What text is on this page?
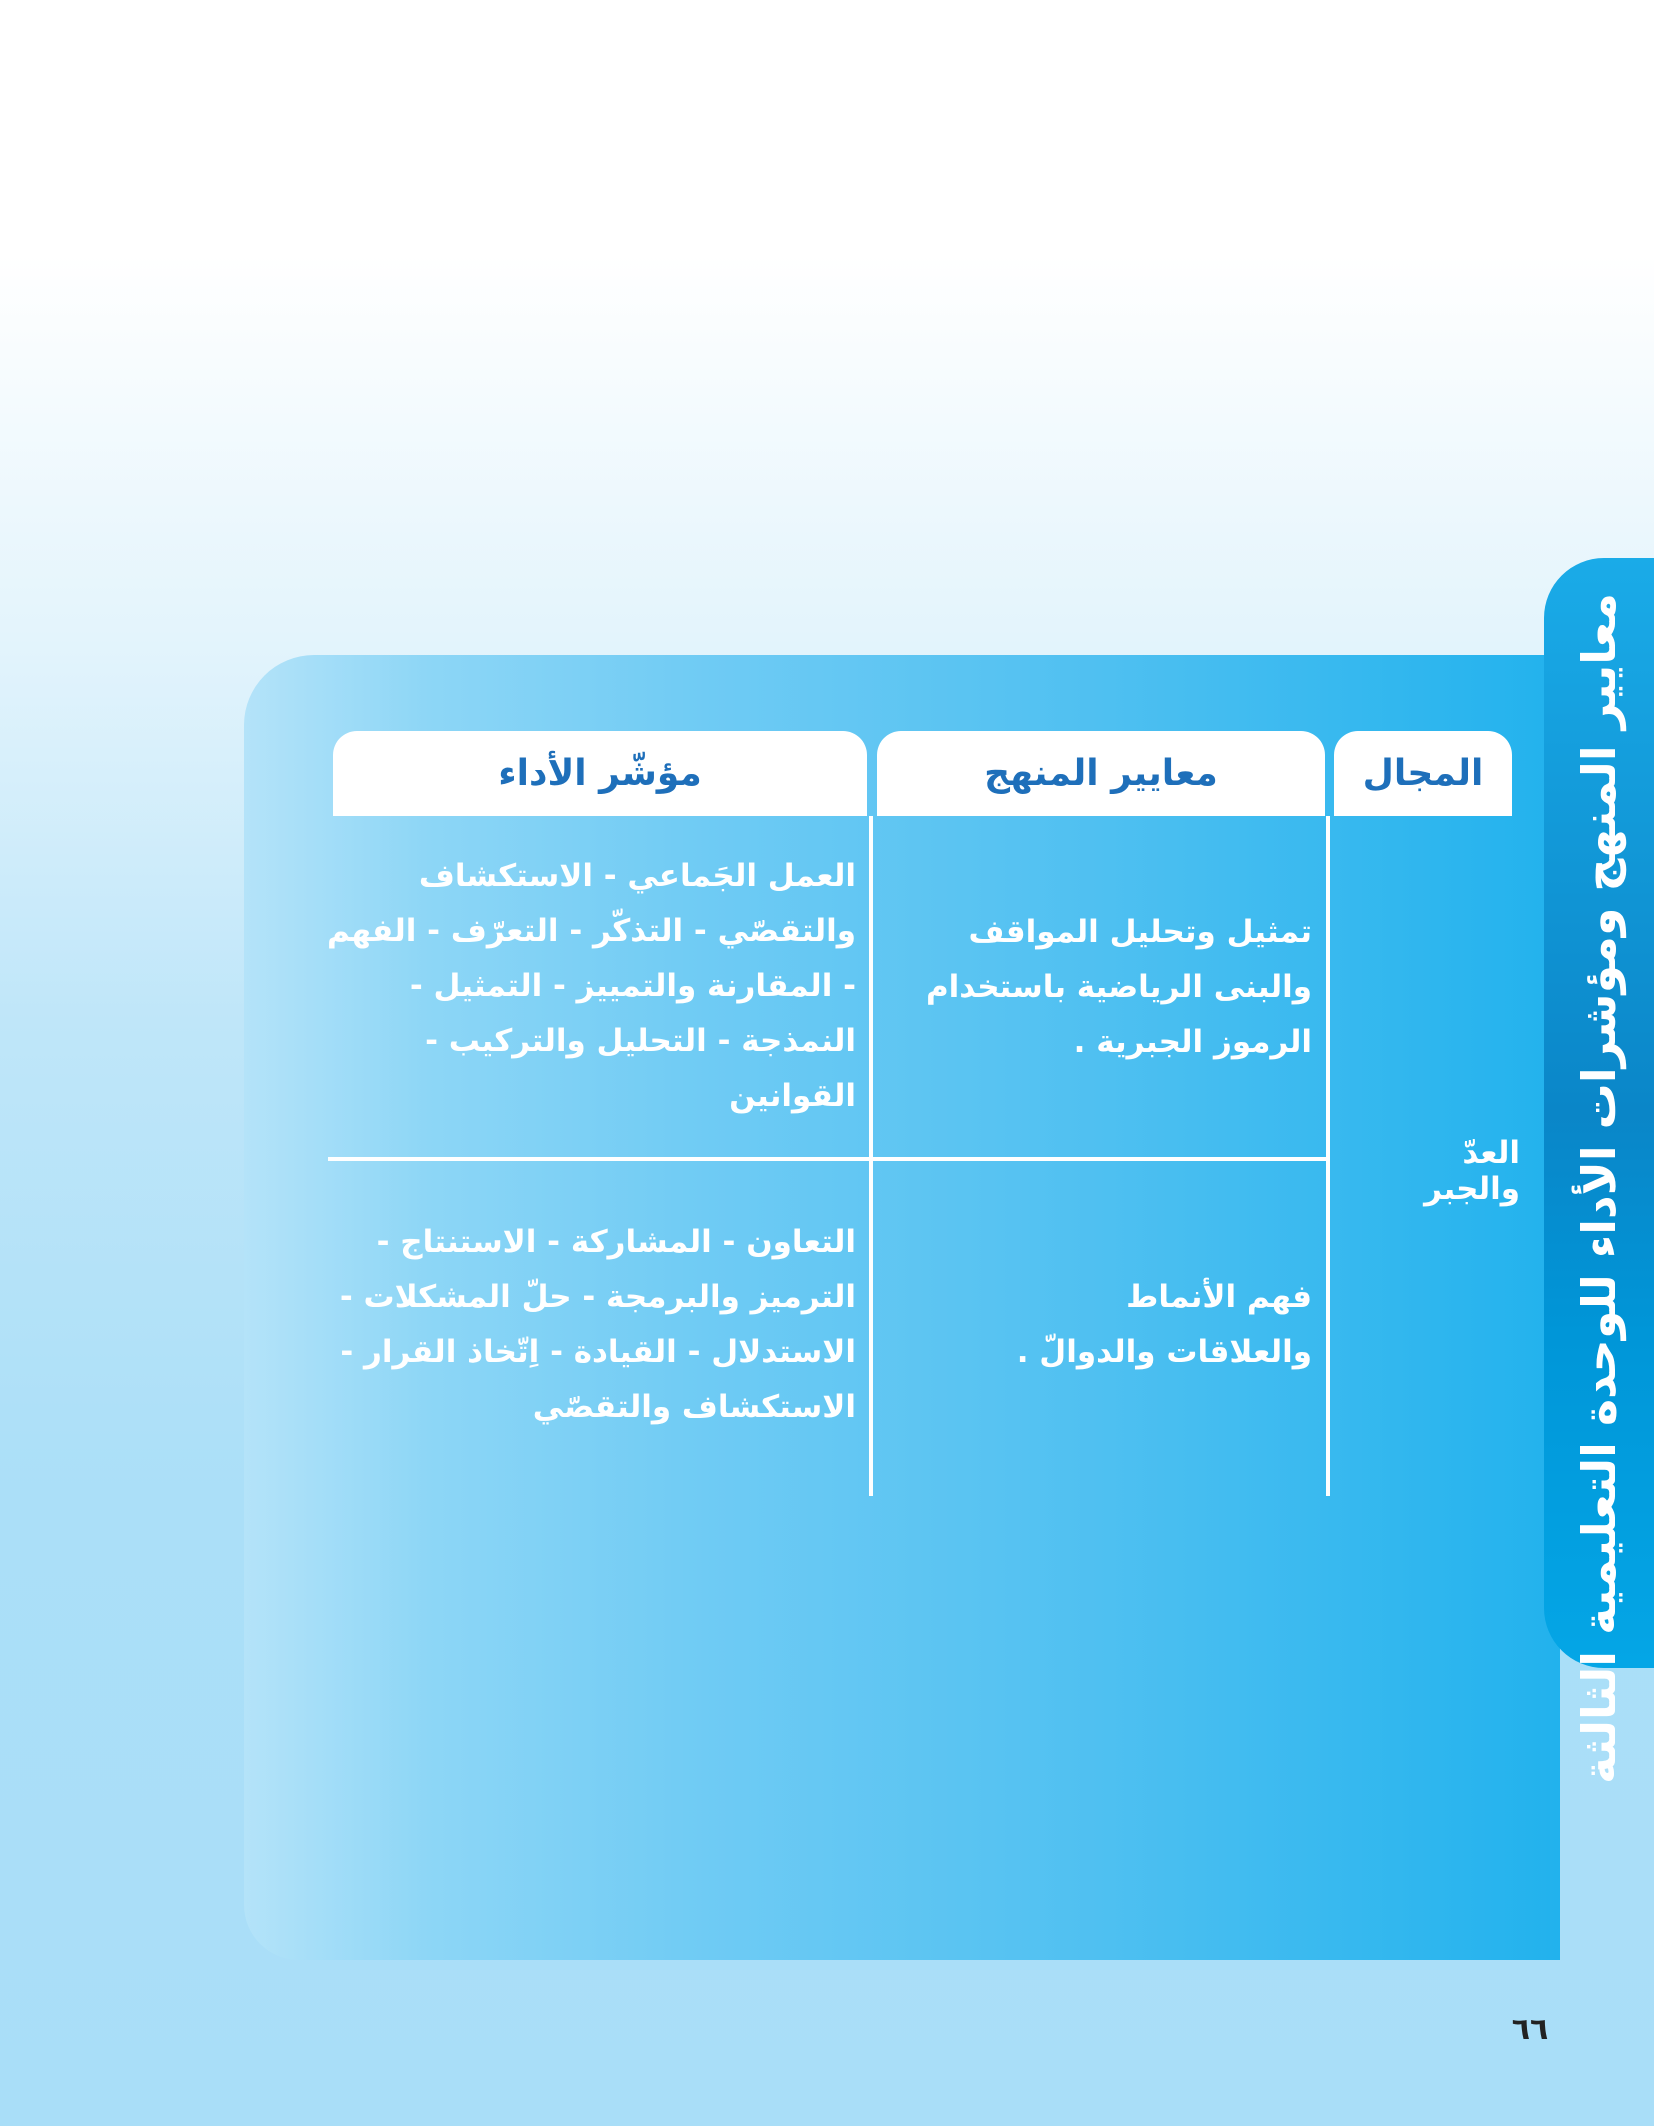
معايير المنهج ومؤشرات الأداء للوحدة التعليمية الثالثة
المجال
معايير المنهج
مؤشّر الأداء
العدّ والجبر
تمثيل وتحليل المواقف والبنى الرياضية باستخدام الرموز الجبرية .
العمل الجَماعي - الاستكشاف والتقصّي - التذكّر - التعرّف - الفهم - المقارنة والتمييز - التمثيل - النمذجة - التحليل والتركيب - القوانين
فهم الأنماط والعلاقات والدوالّ .
التعاون - المشاركة - الاستنتاج - الترميز والبرمجة - حلّ المشكلات - الاستدلال - القيادة - اِتّخاذ القرار - الاستكشاف والتقصّي
٦٦
